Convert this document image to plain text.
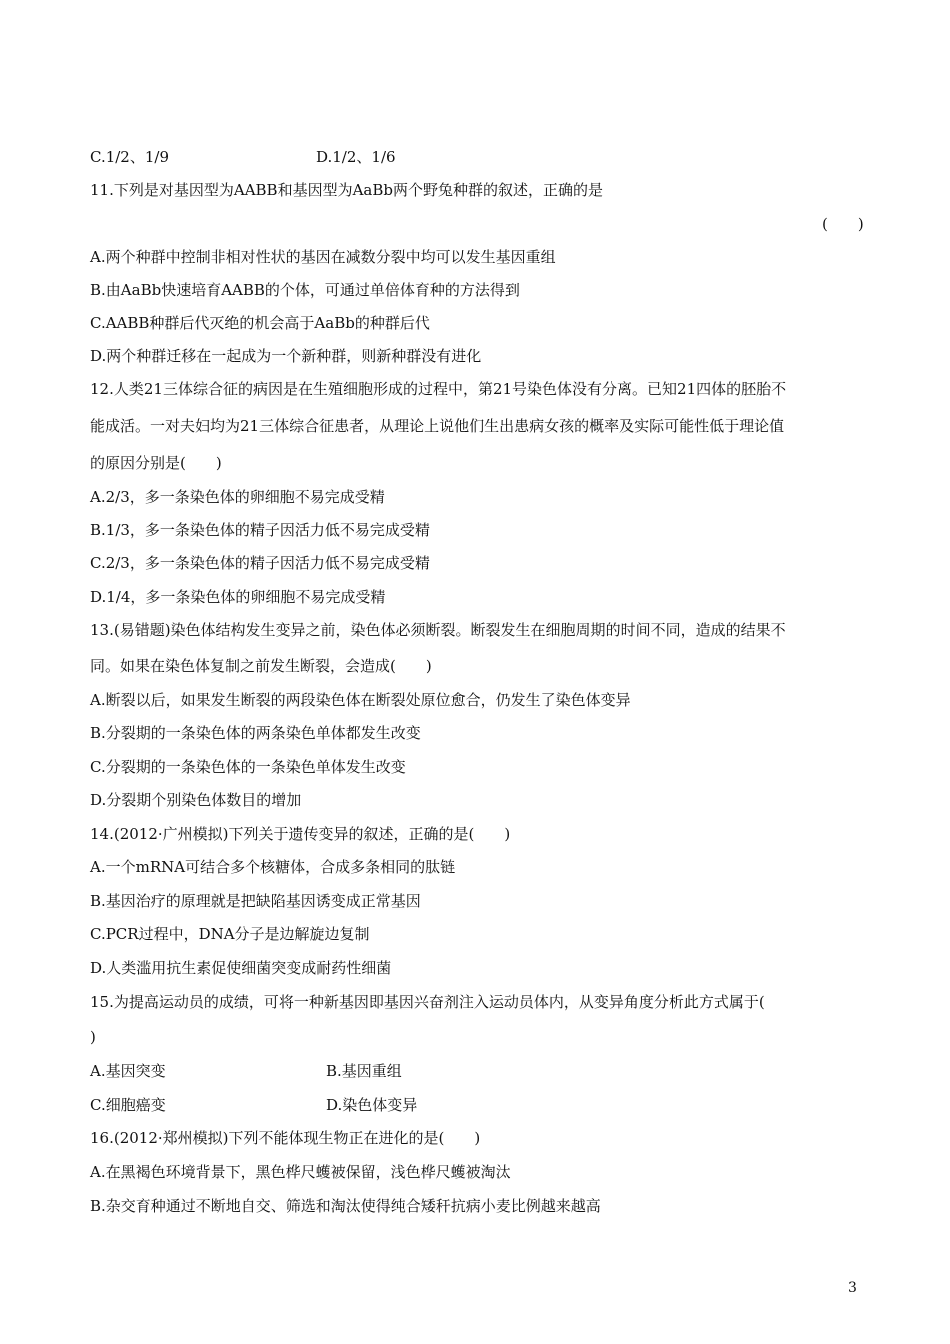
C.1/2、1/9	D.1/2、1/6
11.下列是对基因型为AABB和基因型为AaBb两个野兔种群的叙述，正确的是
(　　)
A.两个种群中控制非相对性状的基因在减数分裂中均可以发生基因重组
B.由AaBb快速培育AABB的个体，可通过单倍体育种的方法得到
C.AABB种群后代灭绝的机会高于AaBb的种群后代
D.两个种群迁移在一起成为一个新种群，则新种群没有进化
12.人类21三体综合征的病因是在生殖细胞形成的过程中，第21号染色体没有分离。已知21四体的胚胎不
能成活。一对夫妇均为21三体综合征患者，从理论上说他们生出患病女孩的概率及实际可能性低于理论值
的原因分别是(　　)
A.2/3，多一条染色体的卵细胞不易完成受精
B.1/3，多一条染色体的精子因活力低不易完成受精
C.2/3，多一条染色体的精子因活力低不易完成受精
D.1/4，多一条染色体的卵细胞不易完成受精
13.(易错题)染色体结构发生变异之前，染色体必须断裂。断裂发生在细胞周期的时间不同，造成的结果不
同。如果在染色体复制之前发生断裂，会造成(　　)
A.断裂以后，如果发生断裂的两段染色体在断裂处原位愈合，仍发生了染色体变异
B.分裂期的一条染色体的两条染色单体都发生改变
C.分裂期的一条染色体的一条染色单体发生改变
D.分裂期个别染色体数目的增加
14.(2012·广州模拟)下列关于遗传变异的叙述，正确的是(　　)
A.一个mRNA可结合多个核糖体，合成多条相同的肽链
B.基因治疗的原理就是把缺陷基因诱变成正常基因
C.PCR过程中，DNA分子是边解旋边复制
D.人类滥用抗生素促使细菌突变成耐药性细菌
15.为提高运动员的成绩，可将一种新基因即基因兴奋剂注入运动员体内，从变异角度分析此方式属于(
)
A.基因突变	B.基因重组
C.细胞癌变	D.染色体变异
16.(2012·郑州模拟)下列不能体现生物正在进化的是(　　)
A.在黑褐色环境背景下，黑色桦尺蠖被保留，浅色桦尺蠖被淘汰
B.杂交育种通过不断地自交、筛选和淘汰使得纯合矮秆抗病小麦比例越来越高
3
